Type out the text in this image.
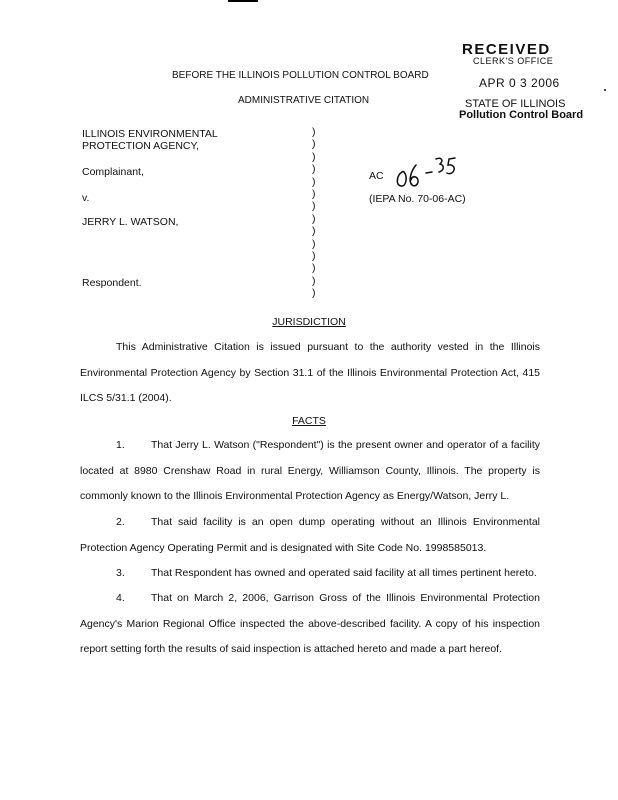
RECEIVED
CLERK'S OFFICE
APR 0 3 2006
STATE OF ILLINOIS
Pollution Control Board
BEFORE THE ILLINOIS POLLUTION CONTROL BOARD
ADMINISTRATIVE CITATION
ILLINOIS ENVIRONMENTAL
PROTECTION AGENCY,
Complainant,
v.
JERRY L. WATSON,
Respondent.
)
)
)
)
)
)
)
)
)
)
)
)
)
)
AC
(IEPA No. 70-06-AC)
JURISDICTION

This Administrative Citation is issued pursuant to the authority vested in the Illinois Environmental Protection Agency by Section 31.1 of the Illinois Environmental Protection Act, 415 ILCS 5/31.1 (2004).

FACTS

1. That Jerry L. Watson ("Respondent") is the present owner and operator of a facility located at 8980 Crenshaw Road in rural Energy, Williamson County, Illinois. The property is commonly known to the Illinois Environmental Protection Agency as Energy/Watson, Jerry L.

2. That said facility is an open dump operating without an Illinois Environmental Protection Agency Operating Permit and is designated with Site Code No. 1998585013.

3. That Respondent has owned and operated said facility at all times pertinent hereto.

4. That on March 2, 2006, Garrison Gross of the Illinois Environmental Protection Agency's Marion Regional Office inspected the above-described facility. A copy of his inspection report setting forth the results of said inspection is attached hereto and made a part hereof.
